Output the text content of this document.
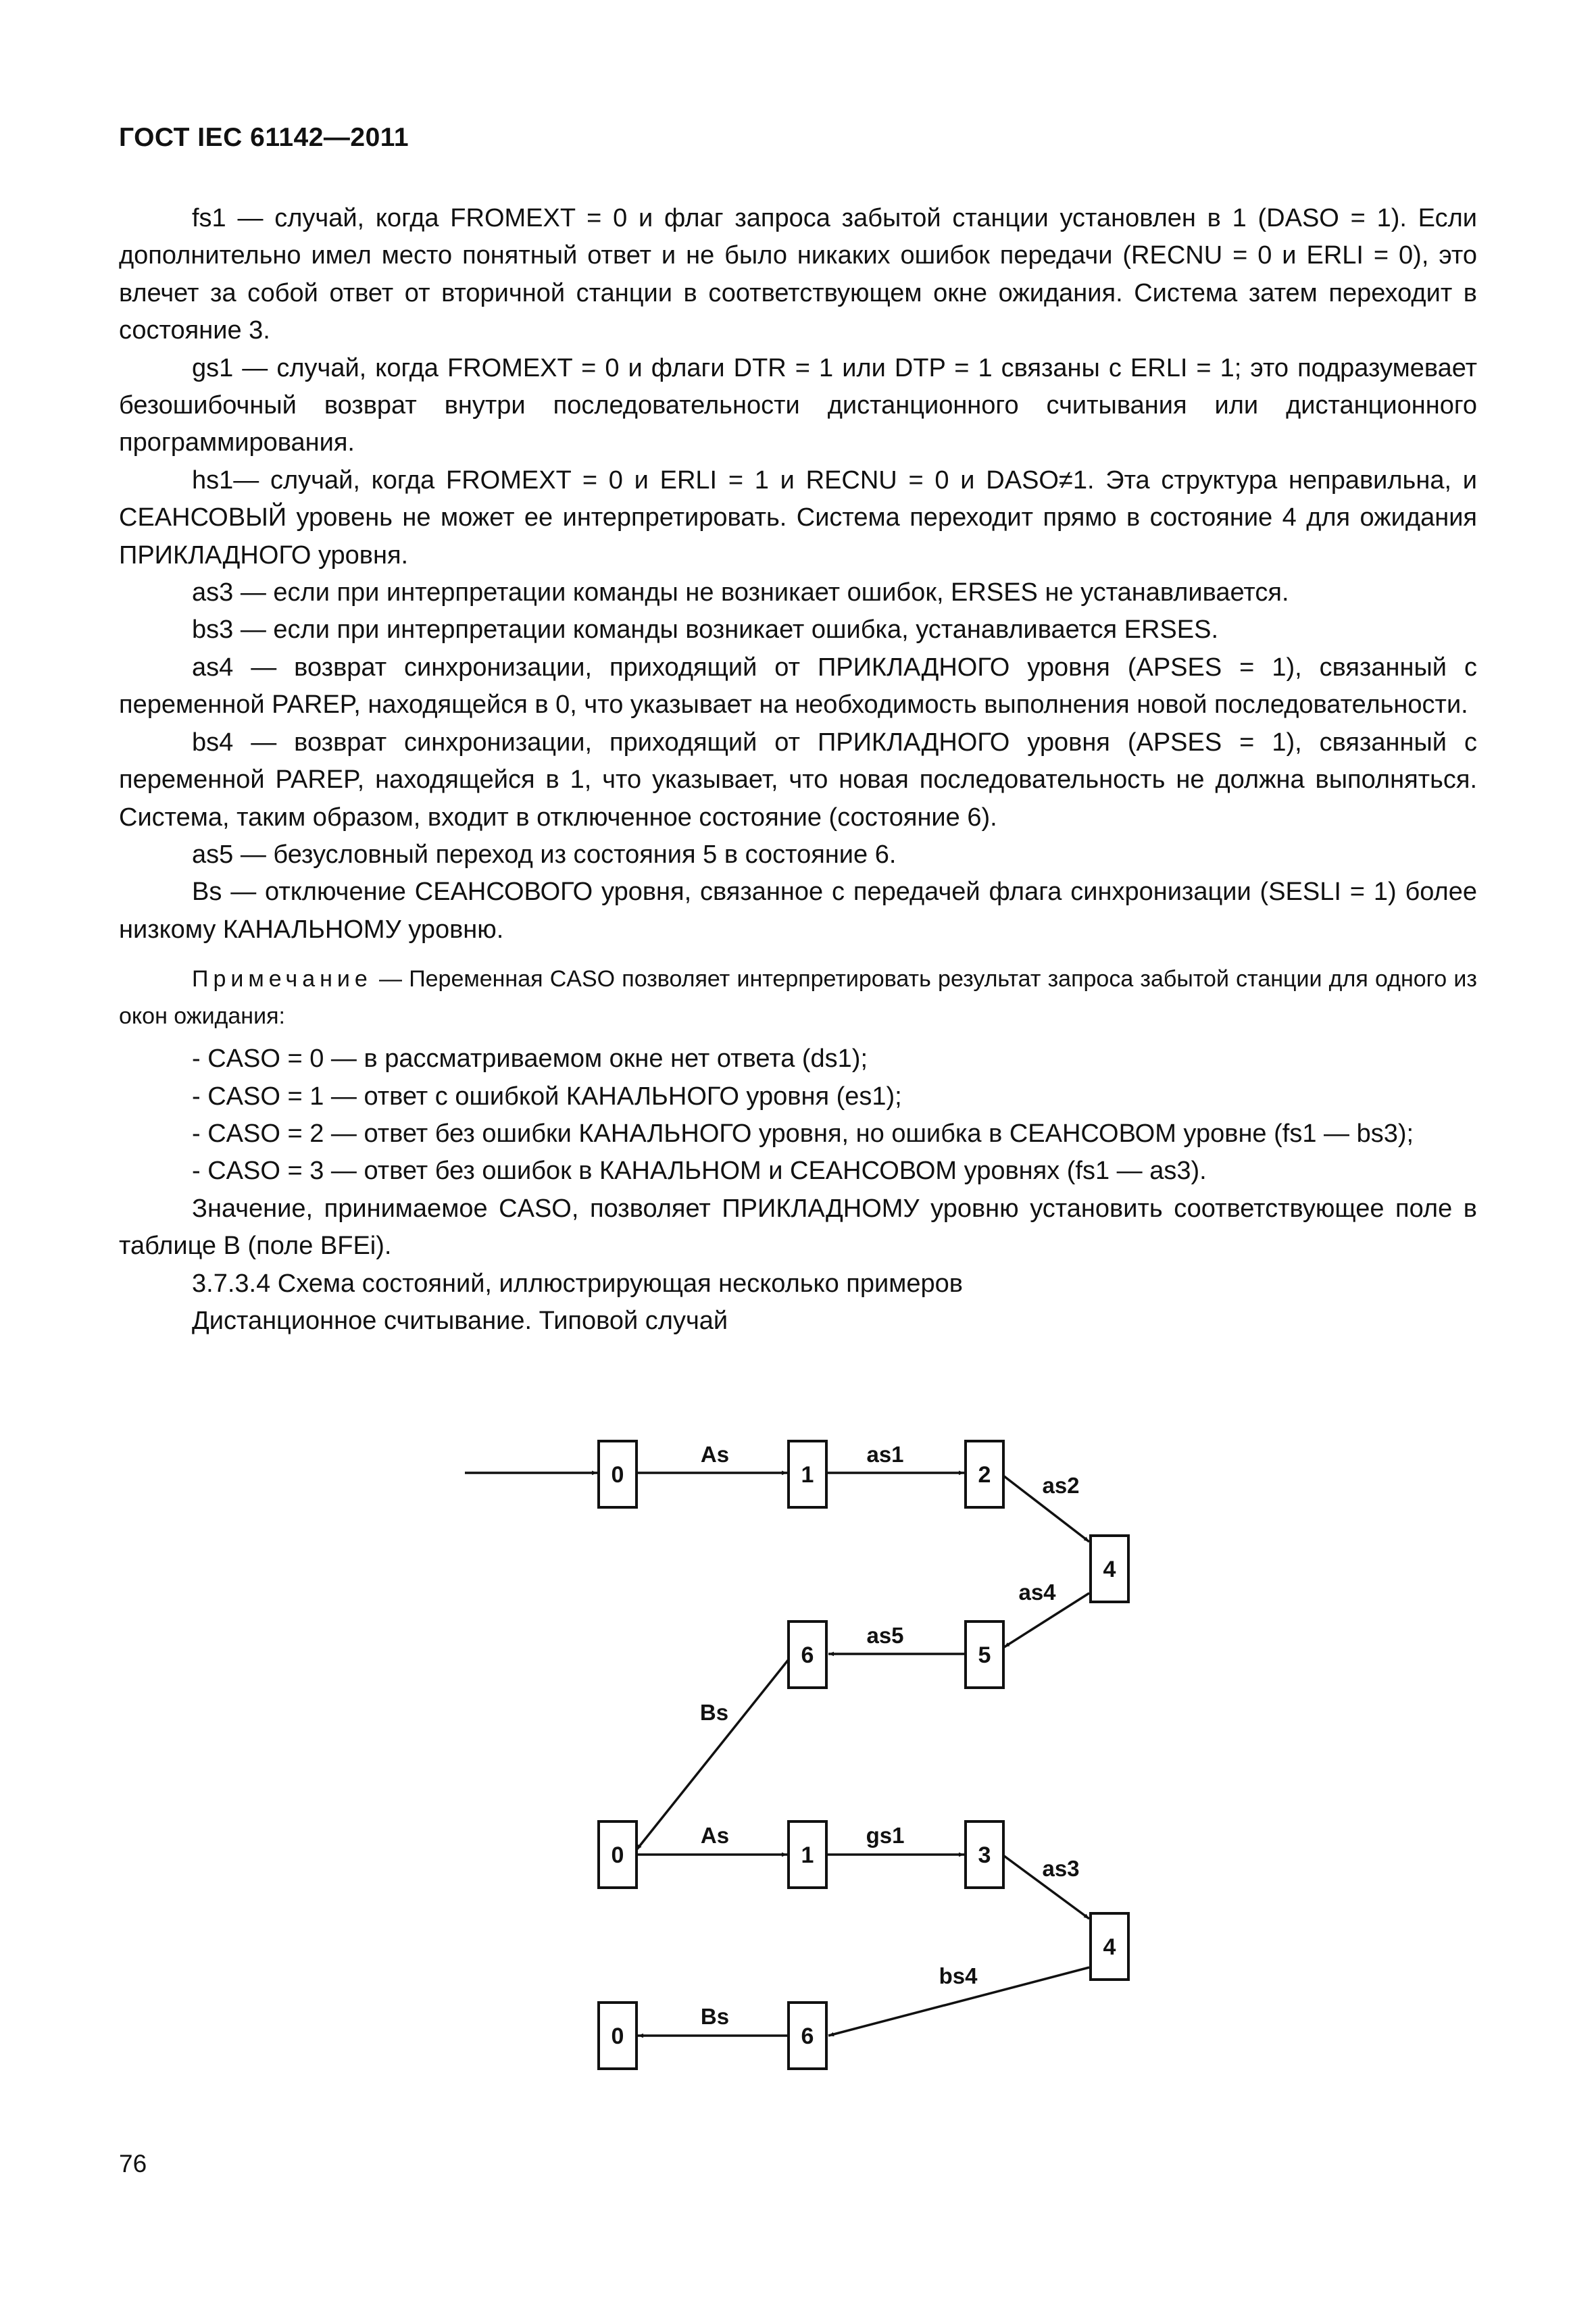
ГОСТ IEC 61142—2011

fs1 — случай, когда FROMEXT = 0 и флаг запроса забытой станции установлен в 1 (DASO = 1). Если дополнительно имел место понятный ответ и не было никаких ошибок передачи (RECNU = 0 и ERLI = 0), это влечет за собой ответ от вторичной станции в соответствующем окне ожидания. Система затем переходит в состояние 3.

gs1 — случай, когда FROMEXT = 0 и флаги DTR = 1 или DTP = 1 связаны с ERLI = 1; это подразумевает безошибочный возврат внутри последовательности дистанционного считывания или дистанционного программирования.

hs1— случай, когда FROMEXT = 0 и ERLI = 1 и RECNU = 0 и DASO≠1. Эта структура неправильна, и СЕАНСОВЫЙ уровень не может ее интерпретировать. Система переходит прямо в состояние 4 для ожидания ПРИКЛАДНОГО уровня.

as3 — если при интерпретации команды не возникает ошибок, ERSES не устанавливается.

bs3 — если при интерпретации команды возникает ошибка, устанавливается ERSES.

as4 — возврат синхронизации, приходящий от ПРИКЛАДНОГО уровня (APSES = 1), связанный с переменной PAREP, находящейся в 0, что указывает на необходимость выполнения новой последовательности.

bs4 — возврат синхронизации, приходящий от ПРИКЛАДНОГО уровня (APSES = 1), связанный с переменной PAREP, находящейся в 1, что указывает, что новая последовательность не должна выполняться. Система, таким образом, входит в отключенное состояние (состояние 6).

as5 — безусловный переход из состояния 5 в состояние 6.

Bs — отключение СЕАНСОВОГО уровня, связанное с передачей флага синхронизации (SESLI = 1) более низкому КАНАЛЬНОМУ уровню.

Примечание — Переменная CASO позволяет интерпретировать результат запроса забытой станции для одного из окон ожидания:

- CASO = 0 — в рассматриваемом окне нет ответа (ds1);

- CASO = 1 — ответ с ошибкой КАНАЛЬНОГО уровня (es1);

- CASO = 2 — ответ без ошибки КАНАЛЬНОГО уровня, но ошибка в СЕАНСОВОМ уровне (fs1 — bs3);

- CASO = 3 — ответ без ошибок в КАНАЛЬНОМ и СЕАНСОВОМ уровнях (fs1 — as3).

Значение, принимаемое CASO, позволяет ПРИКЛАДНОМУ уровню установить соответствующее поле в таблице В (поле BFEi).

3.7.3.4 Схема состояний, иллюстрирующая несколько примеров

Дистанционное считывание. Типовой случай

0	1	2
4
5
6
0	1	3
4
6
0
As	as1
as2
as4
as5
Bs
As	gs1
as3
bs4
Bs
76
